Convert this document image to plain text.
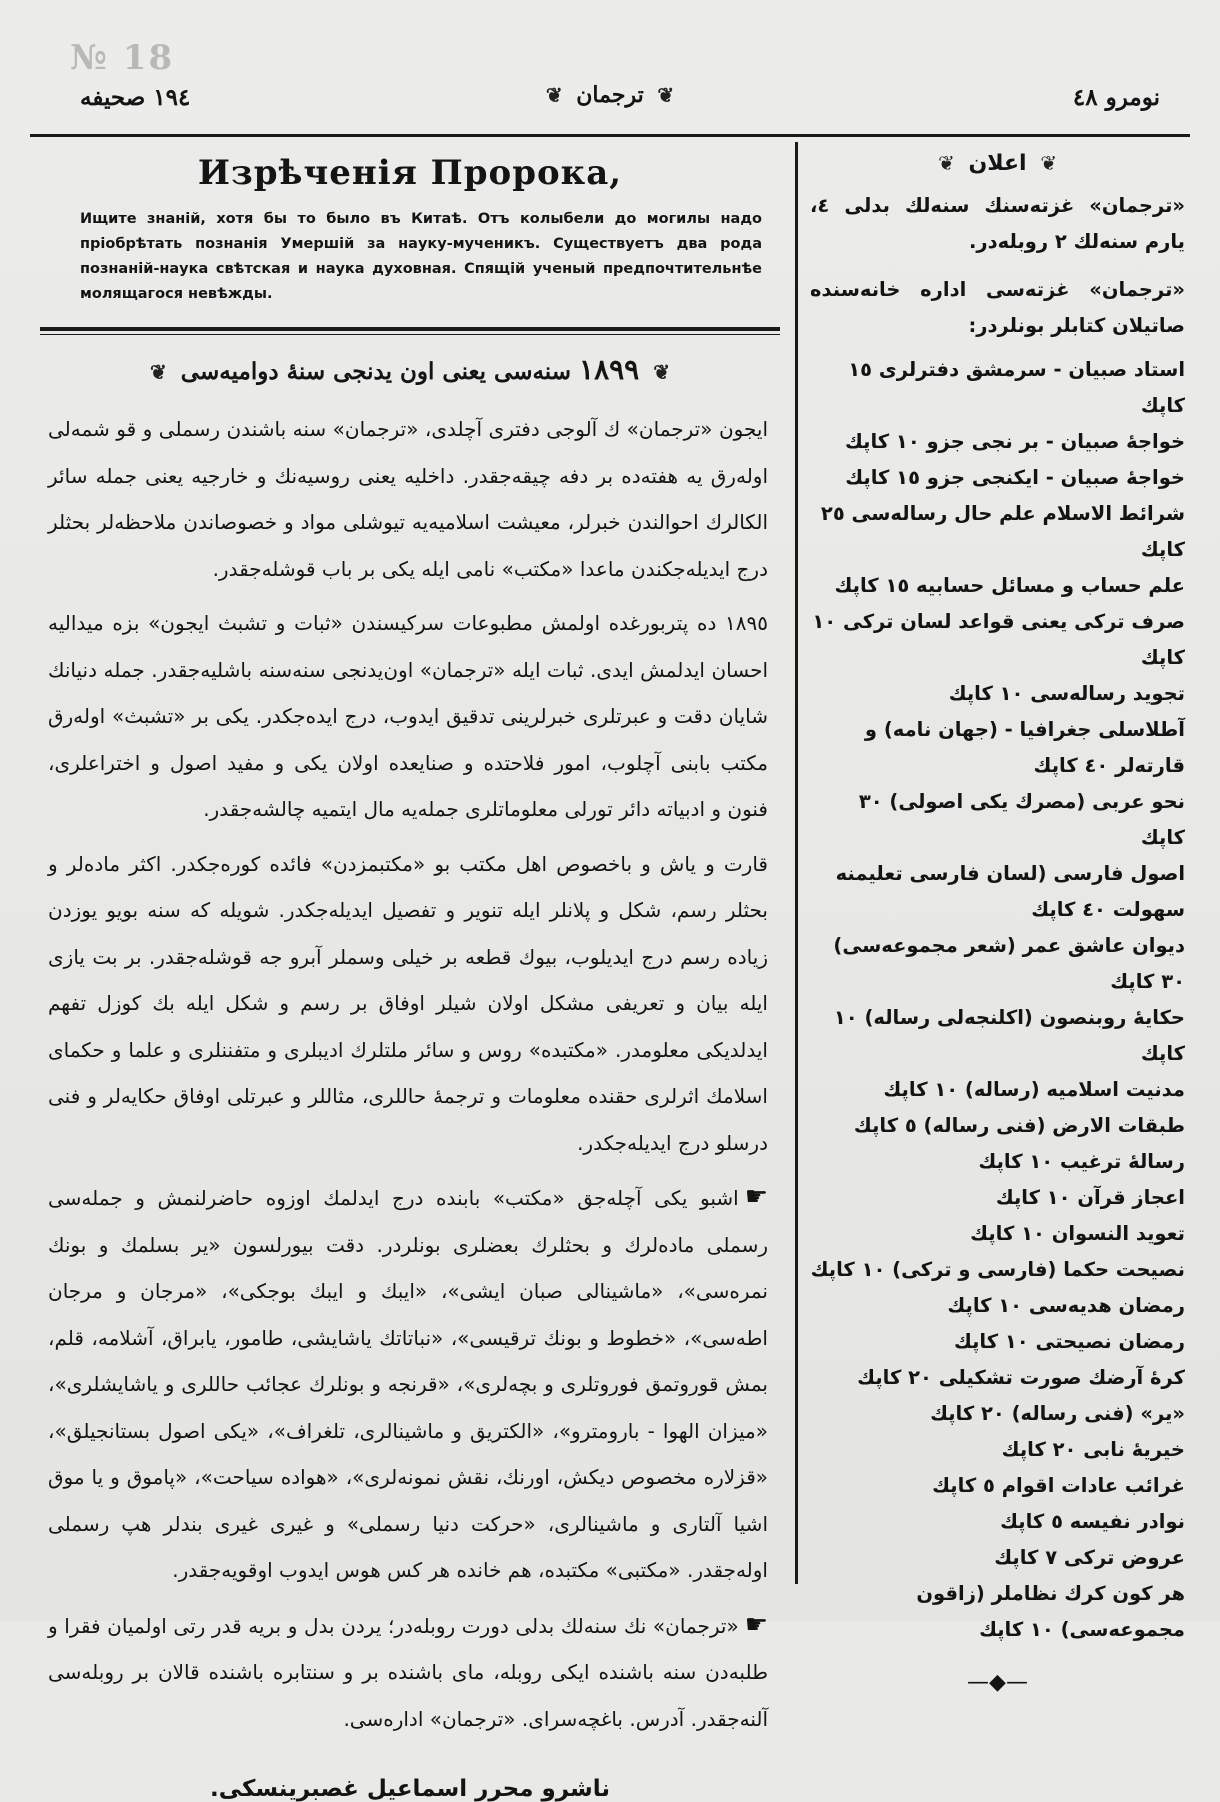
№ 18
نومرو ٤٨
❦ ترجمان ❦
١٩٤ صحيفه
Изрѣченія Пророка,
Ищите знаній, хотя бы то было въ Китаѣ. Отъ колыбели до могилы надо пріобрѣтать познанія Умершій за науку-мученикъ. Существуетъ два рода познаній-наука свѣтская и наука духовная. Спящій ученый предпочтительнѣе молящагося невѣжды.
❦ ١٨٩٩ سنه‌سی یعنی اون یدنجی سنهٔ دوامیه‌سی ❦
ایجون «ترجمان» ك آلوجی دفتری آچلدی، «ترجمان» سنه باشندن رسملی و قو شمه‌لی اوله‌رق یه هفته‌ده بر دفه چیقه‌جقدر. داخلیه یعنی روسیه‌نك و خارجیه یعنی جمله سائر الکالرك احوالندن خبرلر، معیشت اسلامیه‌یه تیوشلی مواد و خصوصاندن ملاحظه‌لر بحثلر درج ایدیله‌جکندن ماعدا «مکتب» نامی ایله یکی بر باب قوشله‌جقدر.
١٨٩٥ ده پتربورغده اولمش مطبوعات سرکیسندن «ثبات و تشبث ایجون» بزه میدالیه احسان ایدلمش ایدی. ثبات ایله «ترجمان» اون‌یدنجی سنه‌سنه باشلیه‌جقدر. جمله دنیانك شایان دقت و عبرتلری خبرلرینی تدقیق ایدوب، درج ایده‌جکدر. یکی بر «تشبث» اوله‌رق مکتب بابنی آچلوب، امور فلاحتده و صنایعده اولان یکی و مفید اصول و اختراعلری، فنون و ادبیاته دائر تورلی معلوماتلری جمله‌یه مال ایتمیه چالشه‌جقدر.
قارت و یاش و باخصوص اهل مکتب بو «مکتبمزدن» فائده کوره‌جکدر. اکثر ماده‌لر و بحثلر رسم، شکل و پلانلر ایله تنویر و تفصیل ایدیله‌جکدر. شویله که سنه بویو یوزدن زیاده رسم درج ایدیلوب، بیوك قطعه بر خیلی وسملر آبرو جه قوشله‌جقدر. بر بت یازی ایله بیان و تعریفی مشکل اولان شیلر اوفاق بر رسم و شکل ایله بك کوزل تفهم ایدلدیکی معلومدر. «مکتبده» روس و سائر ملتلرك ادیبلری و متفننلری و علما و حکمای اسلامك اثرلری حقنده معلومات و ترجمهٔ حاللری، مثاللر و عبرتلی اوفاق حکایه‌لر و فنی درسلو درج ایدیله‌جکدر.
☛اشبو یکی آچله‌جق «مکتب» بابنده درج ایدلمك اوزوه حاضرلنمش و جمله‌سی رسملی ماده‌لرك و بحثلرك بعضلری بونلردر. دقت بیورلسون «یر بسلمك و بونك نمره‌سی»، «ماشینالی صبان ایشی»، «ایبك و ایبك بوجکی»، «مرجان و مرجان اطه‌سی»، «خطوط و بونك ترقیسی»، «نباتاتك یاشایشی، طامور، یابراق، آشلامه، قلم، بمش قوروتمق فوروتلری و بچه‌لری»، «قرنجه و بونلرك عجائب حاللری و یاشایشلری»، «میزان الهوا - بارومترو»، «الکتریق و ماشینالری، تلغراف»، «یکی اصول بستانجیلق»، «قزلاره مخصوص دیکش، اورنك، نقش نمونه‌لری»، «هواده سیاحت»، «پاموق و یا موق اشیا آلتاری و ماشینالری، «حرکت دنیا رسملی» و غیری غیری بندلر هپ رسملی اوله‌جقدر. «مکتبی» مکتبده، هم خانده هر کس هوس ایدوب اوقویه‌جقدر.
☛«ترجمان» نك سنه‌لك بدلی دورت روبله‌در؛ یردن بدل و بریه قدر رتی اولمیان فقرا و طلبه‌دن سنه باشنده ایکی روبله، مای باشنده بر و سنتابره باشنده قالان بر روبله‌سی آلنه‌جقدر. آدرس. باغچه‌سرای. «ترجمان» اداره‌سی.
ناشرو محرر اسماعیل غصبرینسکی.
❦ اعلان ❦
«ترجمان» غزته‌سنك سنه‌لك بدلی ٤، یارم سنه‌لك ٢ روبله‌در.
«ترجمان» غزته‌سی اداره خانه‌سنده صاتیلان کتابلر بونلردر:
استاد صبیان - سرمشق دفترلری ١٥ کاپك
خواجهٔ صبیان - بر نجی جزو ١٠ کاپك
خواجهٔ صبیان - ایکنجی جزو ١٥ کاپك
شرائط الاسلام علم حال رساله‌سی ٢٥ کاپك
علم حساب و مسائل حسابیه ١٥ کاپك
صرف ترکی یعنی قواعد لسان ترکی ١٠ کاپك
تجوید رساله‌سی ١٠ کاپك
آطلاسلی جغرافیا - (جهان نامه) و قارته‌لر ٤٠ کاپك
نحو عربی (مصرك یکی اصولی) ٣٠ کاپك
اصول فارسی (لسان فارسی تعلیمنه سهولت ٤٠ کاپك
دیوان عاشق عمر (شعر مجموعه‌سی) ٣٠ کاپك
حکایهٔ روبنصون (اکلنجه‌لی رساله) ١٠ کاپك
مدنیت اسلامیه (رساله) ١٠ کاپك
طبقات الارض (فنی رساله) ٥ کاپك
رسالهٔ ترغیب ١٠ کاپك
اعجاز قرآن ١٠ کاپك
تعوید النسوان ١٠ کاپك
نصیحت حکما (فارسی و ترکی) ١٠ کاپك
رمضان هدیه‌سی ١٠ کاپك
رمضان نصیحتی ١٠ کاپك
کرهٔ آرضك صورت تشکیلی ٢٠ کاپك
«یر» (فنی رساله) ٢٠ کاپك
خیریهٔ نابی ٢٠ کاپك
غرائب عادات اقوام ٥ کاپك
نوادر نفیسه ٥ کاپك
عروض ترکی ٧ کاپك
هر کون کرك نظاملر (زاقون مجموعه‌سی) ١٠ کاپك
—◆—
